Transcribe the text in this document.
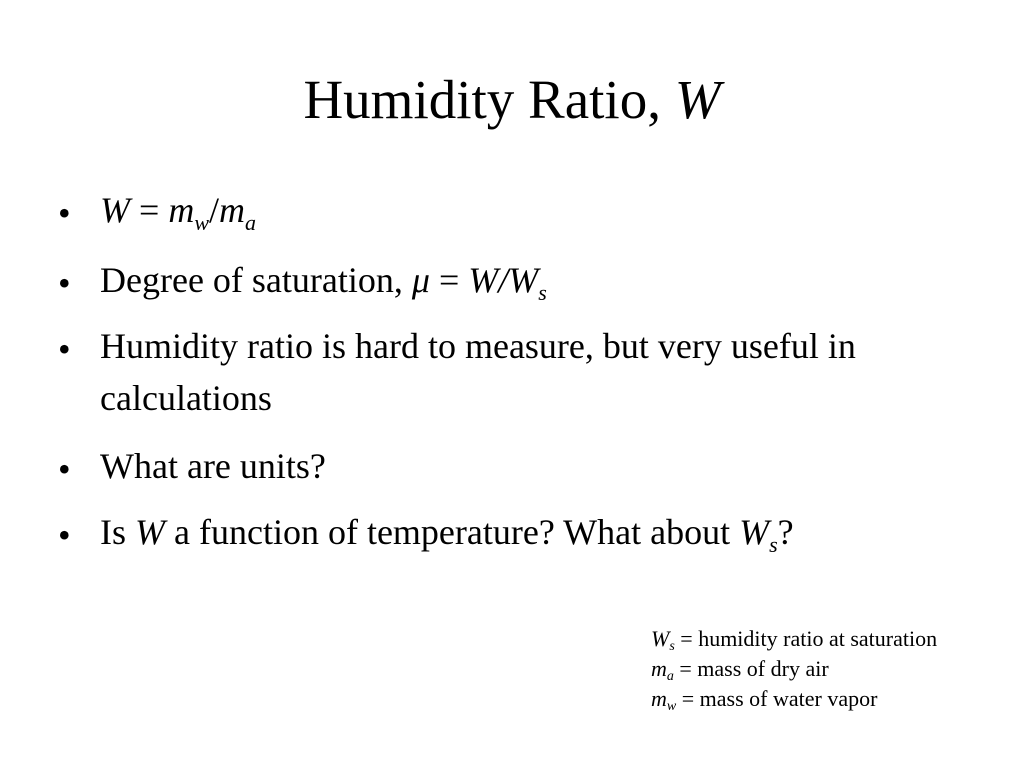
Humidity Ratio, W
• $W = m_w/m_a$
• Degree of saturation, $\mu = W/W_s$
• Humidity ratio is hard to measure, but very useful in calculations
• What are units?
• Is W a function of temperature? What about $W_s$?
$W_s$ = humidity ratio at saturation
$m_a$ = mass of dry air
$m_w$ = mass of water vapor
